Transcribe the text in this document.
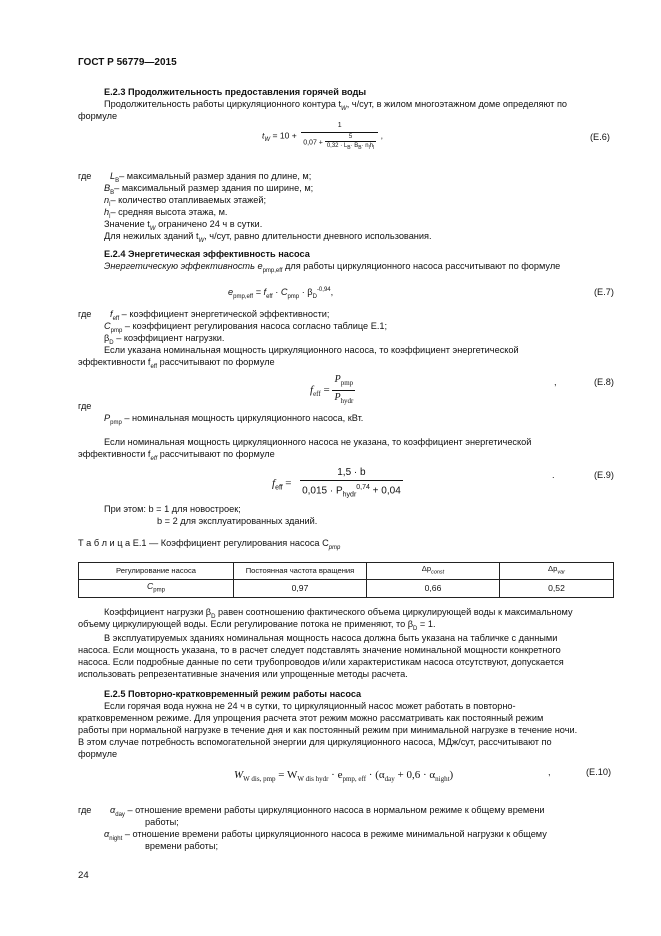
ГОСТ Р 56779—2015
E.2.3 Продолжительность предоставления горячей воды
Продолжительность работы циркуляционного контура $t_W$, ч/сут, в жилом многоэтажном доме определяют по
формуле
$t_W = 10 + \frac{1}{0,07 + \frac{5}{0,32 \cdot L_B\cdot B_B\cdot n_lh_l}}$ ,	(E.6)
где $L_B-$ максимальный размер здания по длине, м;
$B_B-$ максимальный размер здания по ширине, м;
$n_l-$ количество отапливаемых этажей;
$h_l-$ средняя высота этажа, м.
Значение $t_W$ ограничено 24 ч в сутки.
Для нежилых зданий $t_W$, ч/сут, равно длительности дневного использования.
E.2.4 Энергетическая эффективность насоса
Энергетическую эффективность $e_{pmp,eff}$ для работы циркуляционного насоса рассчитывают по формуле
$e_{pmp,eff} = f_{eff} \cdot C_{pmp} \cdot \beta_D^{-0,94}$,	(E.7)
где $f_{eff}$ – коэффициент энергетической эффективности;
$C_{pmp}$ – коэффициент регулирования насоса согласно таблице Е.1;
$\beta_D$ – коэффициент нагрузки.
Если указана номинальная мощность циркуляционного насоса, то коэффициент энергетической
эффективности $f_{eff}$ рассчитывают по формуле
$f_{eff} = \frac{P_{pmp}}{P_{hydr}}$	,	(E.8)
где
$P_{pmp}$ – номинальная мощность циркуляционного насоса, кВт.
Если номинальная мощность циркуляционного насоса не указана, то коэффициент энергетической
эффективности $f_{eff}$ рассчитывают по формуле
$f_{eff} = \frac{1,5 \cdot b}{0,015 \cdot P_{hydr}^{0,74} + 0,04}$	.	(E.9)
При этом: b = 1 для новостроек;
b = 2 для эксплуатированных зданий.
Т а б л и ц а Е.1 — Коэффициент регулирования насоса $C_{pmp}$
Регулирование насоса	Постоянная частота вращения	$\Delta p_{const}$	$\Delta p_{var}$
$C_{pmp}$	0,97	0,66	0,52
Коэффициент нагрузки $\beta_D$ равен соотношению фактического объема циркулирующей воды к максимальному
объему циркулирующей воды. Если регулирование потока не применяют, то $\beta_D = 1$.
В эксплуатируемых зданиях номинальная мощность насоса должна быть указана на табличке с данными
насоса. Если мощность указана, то в расчет следует подставлять значение номинальной мощности конкретного
насоса. Если подробные данные по сети трубопроводов и/или характеристикам насоса отсутствуют, допускается
использовать репрезентативные значения или упрощенные методы расчета.
E.2.5 Повторно-кратковременный режим работы насоса
Если горячая вода нужна не 24 ч в сутки, то циркуляционный насос может работать в повторно-
кратковременном режиме. Для упрощения расчета этот режим можно рассматривать как постоянный режим
работы при нормальной нагрузке в течение дня и как постоянный режим при минимальной нагрузке в течение ночи.
В этом случае потребность вспомогательной энергии для циркуляционного насоса, МДж/сут, рассчитывают по
формуле
$W_{W dis, pmp} = W_{W dis hydr} \cdot e_{pmp, eff} \cdot (\alpha_{day} + 0,6 \cdot \alpha_{night})$	,	(E.10)
где $\alpha_{day}$ – отношение времени работы циркуляционного насоса в нормальном режиме к общему времени
работы;
$\alpha_{night}$ – отношение времени работы циркуляционного насоса в режиме минимальной нагрузки к общему
времени работы;
24
